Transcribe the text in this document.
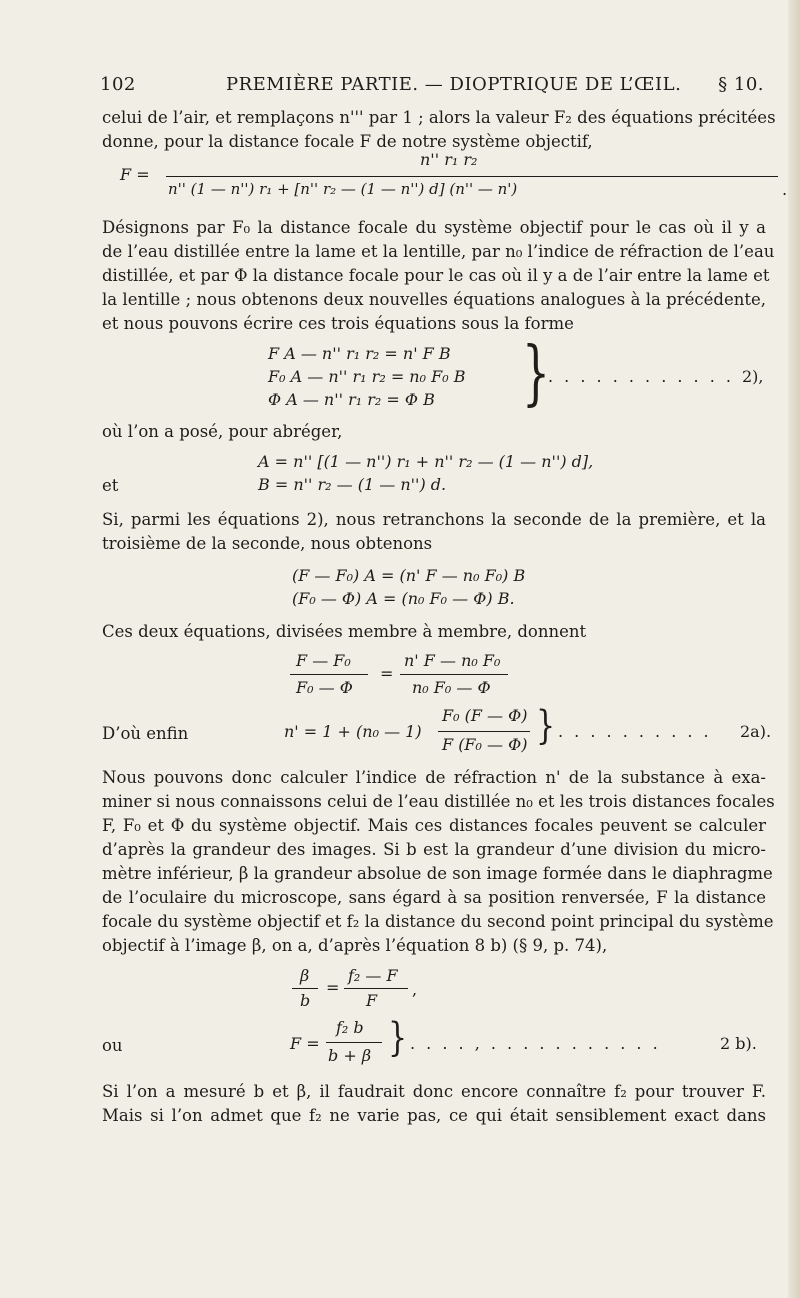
102	PREMIÈRE PARTIE. — DIOPTRIQUE DE L’ŒIL. § 10.
celui de l’air, et remplaçons n''' par 1 ; alors la valeur F₂ des équations précitées
donne, pour la distance focale F de notre système objectif,
F =
n'' r₁ r₂
n'' (1 — n'') r₁ + [n'' r₂ — (1 — n'') d] (n'' — n')	.
Désignons par F₀ la distance focale du système objectif pour le cas où il y a
de l’eau distillée entre la lame et la lentille, par n₀ l’indice de réfraction de l’eau
distillée, et par Φ la distance focale pour le cas où il y a de l’air entre la lame et
la lentille ; nous obtenons deux nouvelles équations analogues à la précédente,
et nous pouvons écrire ces trois équations sous la forme
F A — n'' r₁ r₂ = n' F B
F₀ A — n'' r₁ r₂ = n₀ F₀ B
Φ A — n'' r₁ r₂ = Φ B }
. . . . . . . . . . . . 2),
où l’on a posé, pour abréger,
A = n'' [(1 — n'') r₁ + n'' r₂ — (1 — n'') d],
et	B = n'' r₂ — (1 — n'') d.
Si, parmi les équations 2), nous retranchons la seconde de la première, et la
troisième de la seconde, nous obtenons
(F — F₀) A = (n' F — n₀ F₀) B
(F₀ — Φ) A = (n₀ F₀ — Φ) B.
Ces deux équations, divisées membre à membre, donnent
F — F₀
F₀ — Φ
=
n' F — n₀ F₀
n₀ F₀ — Φ
D’où enfin	n' = 1 + (n₀ — 1)
F₀ (F — Φ)
F (F₀ — Φ) } . . . . . . . . . . 2a).
Nous pouvons donc calculer l’indice de réfraction n' de la substance à exa-
miner si nous connaissons celui de l’eau distillée n₀ et les trois distances focales
F, F₀ et Φ du système objectif. Mais ces distances focales peuvent se calculer
d’après la grandeur des images. Si b est la grandeur d’une division du micro-
mètre inférieur, β la grandeur absolue de son image formée dans le diaphragme
de l’oculaire du microscope, sans égard à sa position renversée, F la distance
focale du système objectif et f₂ la distance du second point principal du système
objectif à l’image β, on a, d’après l’équation 8 b) (§ 9, p. 74),
β
b
=
f₂ — F
F
,
ou	F =
f₂ b
b + β } . . . . , . . . . . . . . . . .	2 b).
Si l’on a mesuré b et β, il faudrait donc encore connaître f₂ pour trouver F.
Mais si l’on admet que f₂ ne varie pas, ce qui était sensiblement exact dans
